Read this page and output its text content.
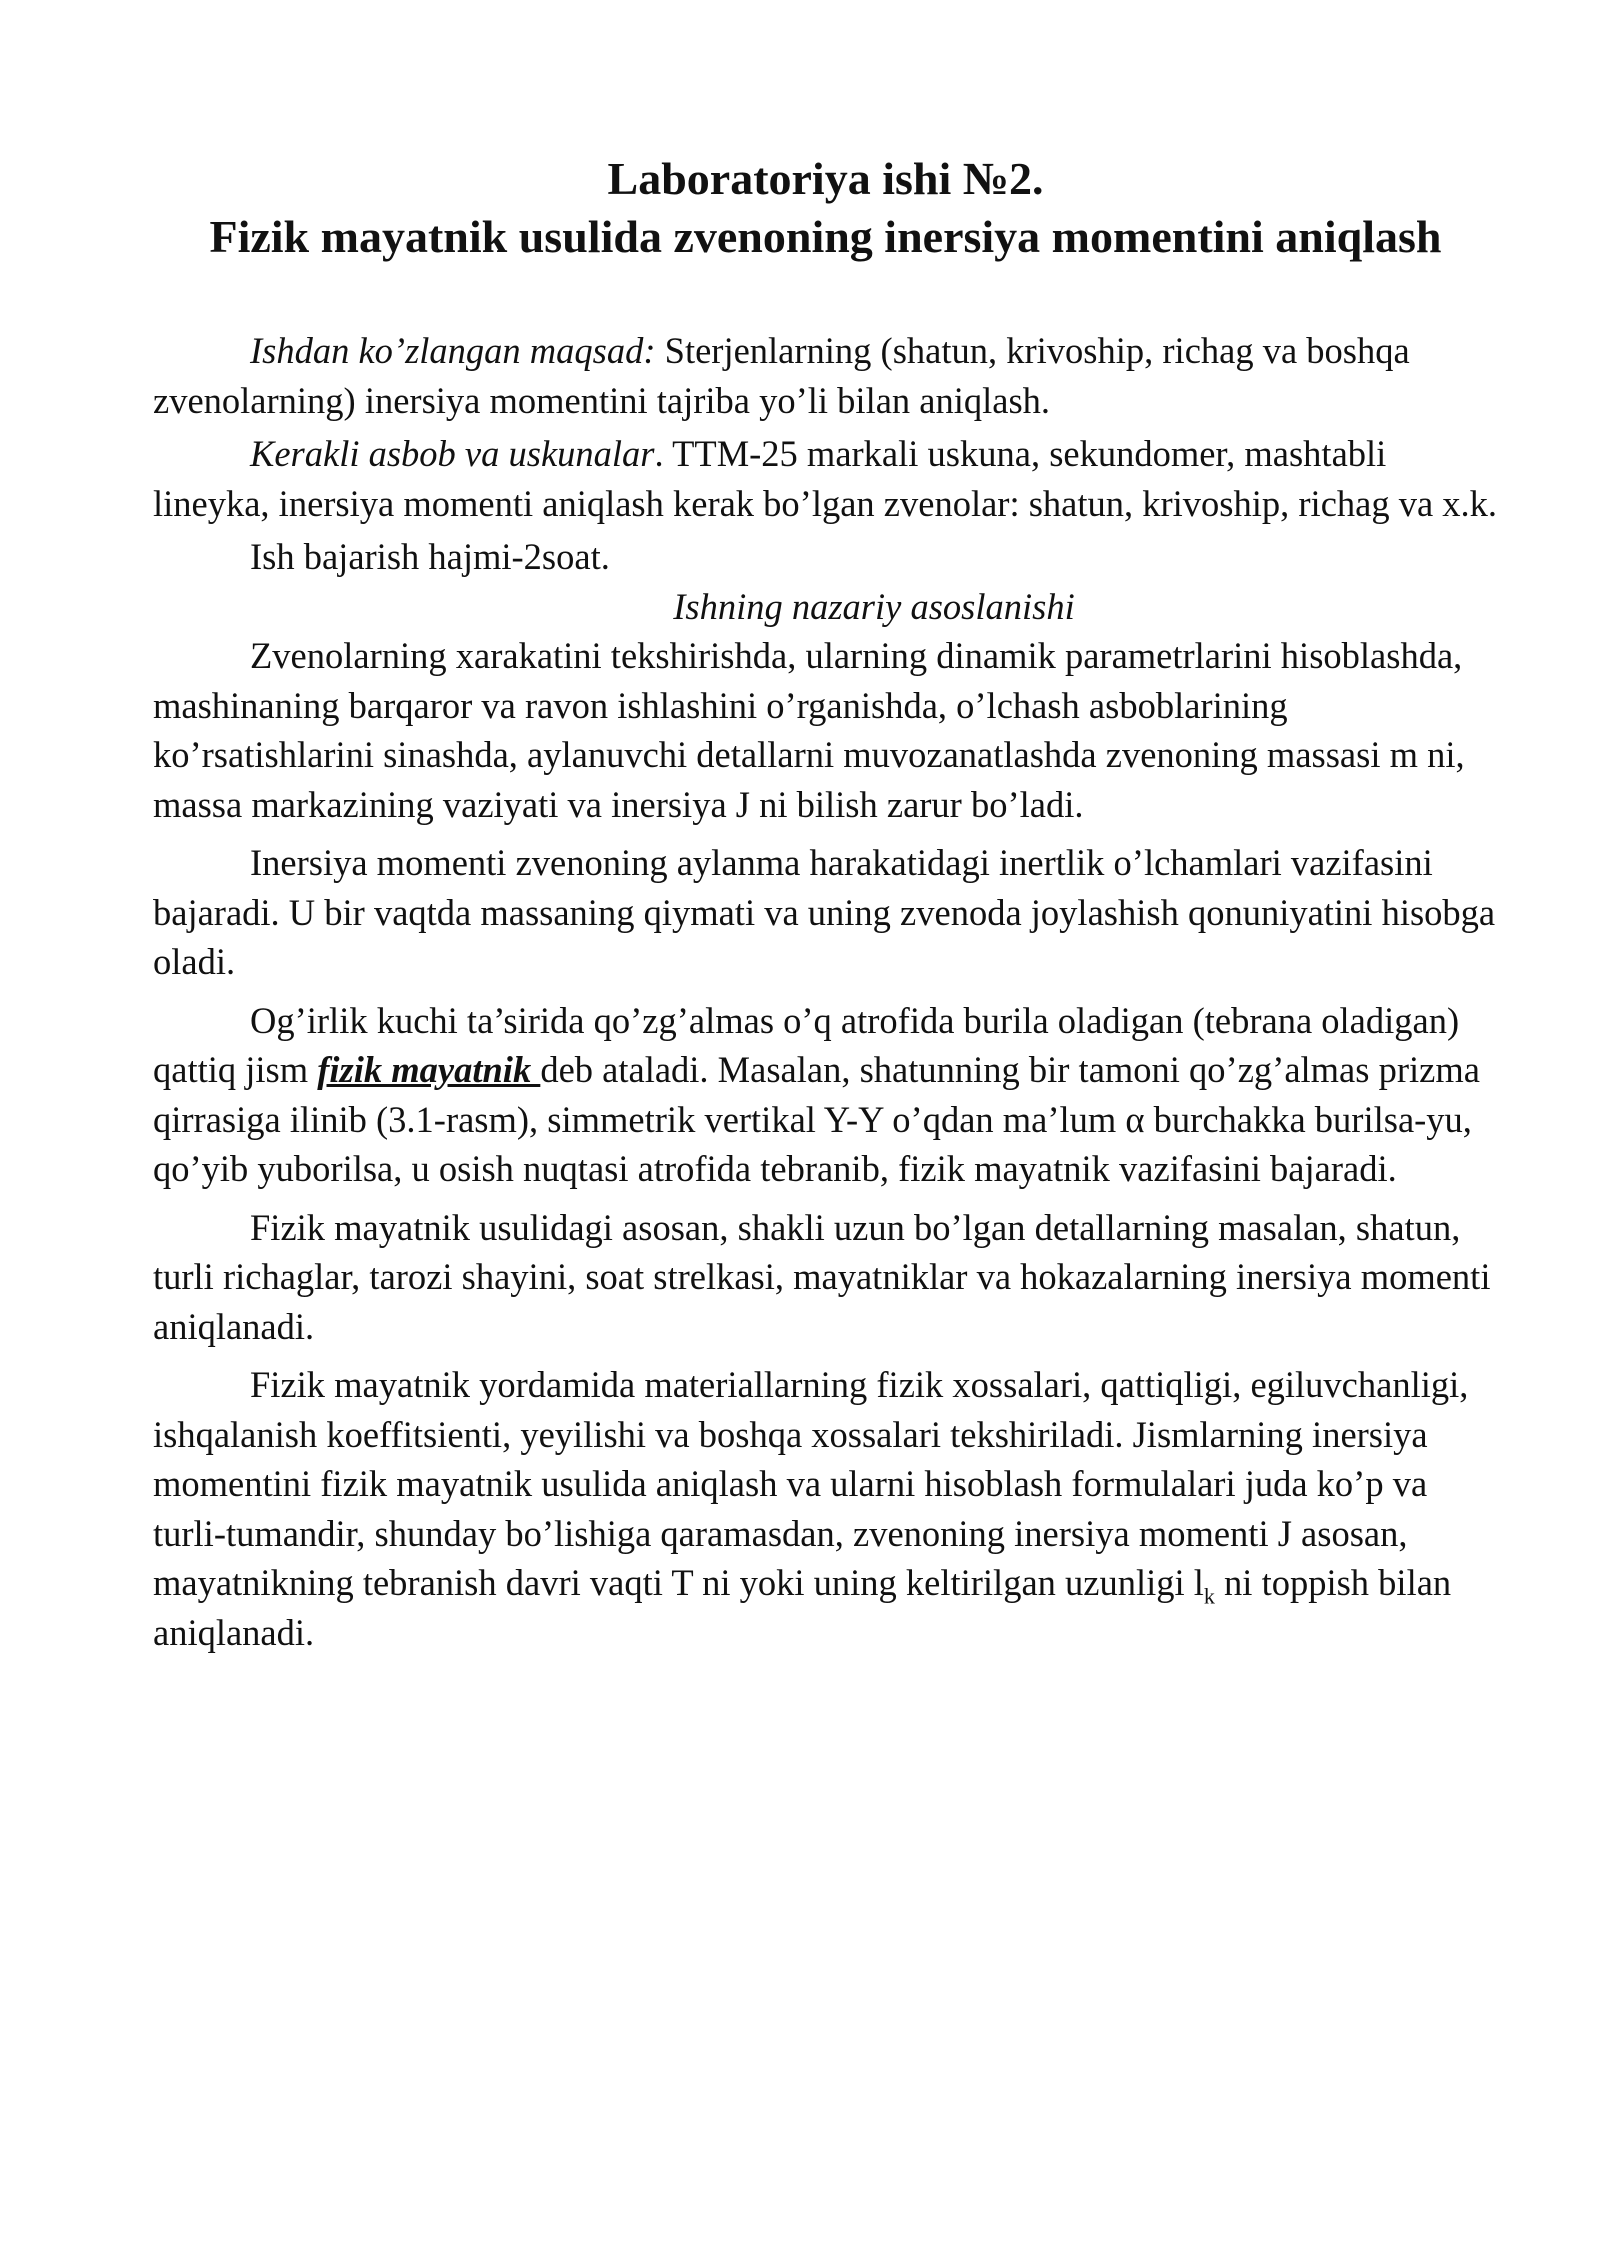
Laboratoriya ishi №2.
Fizik mayatnik usulida zvenoning inersiya momentini aniqlash

Ishdan ko’zlangan maqsad: Sterjenlarning (shatun, krivoship, richag va boshqa zvenolarning) inersiya momentini tajriba yo’li bilan aniqlash.

Kerakli asbob va uskunalar. TTM-25 markali uskuna, sekundomer, mashtabli lineyka, inersiya momenti aniqlash kerak bo’lgan zvenolar: shatun, krivoship, richag va x.k.

Ish bajarish hajmi-2soat.

Ishning nazariy asoslanishi

Zvenolarning xarakatini tekshirishda, ularning dinamik parametrlarini hisoblashda, mashinaning barqaror va ravon ishlashini o’rganishda, o’lchash asboblarining ko’rsatishlarini sinashda, aylanuvchi detallarni muvozanatlashda zvenoning massasi m ni, massa markazining vaziyati va inersiya J ni bilish zarur bo’ladi.

Inersiya momenti zvenoning aylanma harakatidagi inertlik o’lchamlari vazifasini bajaradi. U bir vaqtda massaning qiymati va uning zvenoda joylashish qonuniyatini hisobga oladi.

Og’irlik kuchi ta’sirida qo’zg’almas o’q atrofida burila oladigan (tebrana oladigan) qattiq jism fizik mayatnik deb ataladi. Masalan, shatunning bir tamoni qo’zg’almas prizma qirrasiga ilinib (3.1-rasm), simmetrik vertikal Y-Y o’qdan ma’lum α burchakka burilsa-yu, qo’yib yuborilsa, u osish nuqtasi atrofida tebranib, fizik mayatnik vazifasini bajaradi.

Fizik mayatnik usulidagi asosan, shakli uzun bo’lgan detallarning masalan, shatun, turli richaglar, tarozi shayini, soat strelkasi, mayatniklar va hokazalarning inersiya momenti aniqlanadi.

Fizik mayatnik yordamida materiallarning fizik xossalari, qattiqligi, egiluvchanligi, ishqalanish koeffitsienti, yeyilishi va boshqa xossalari tekshiriladi. Jismlarning inersiya momentini fizik mayatnik usulida aniqlash va ularni hisoblash formulalari juda ko’p va turli-tumandir, shunday bo’lishiga qaramasdan, zvenoning inersiya momenti J asosan, mayatnikning tebranish davri vaqti T ni yoki uning keltirilgan uzunligi $l_k$ ni toppish bilan aniqlanadi.
